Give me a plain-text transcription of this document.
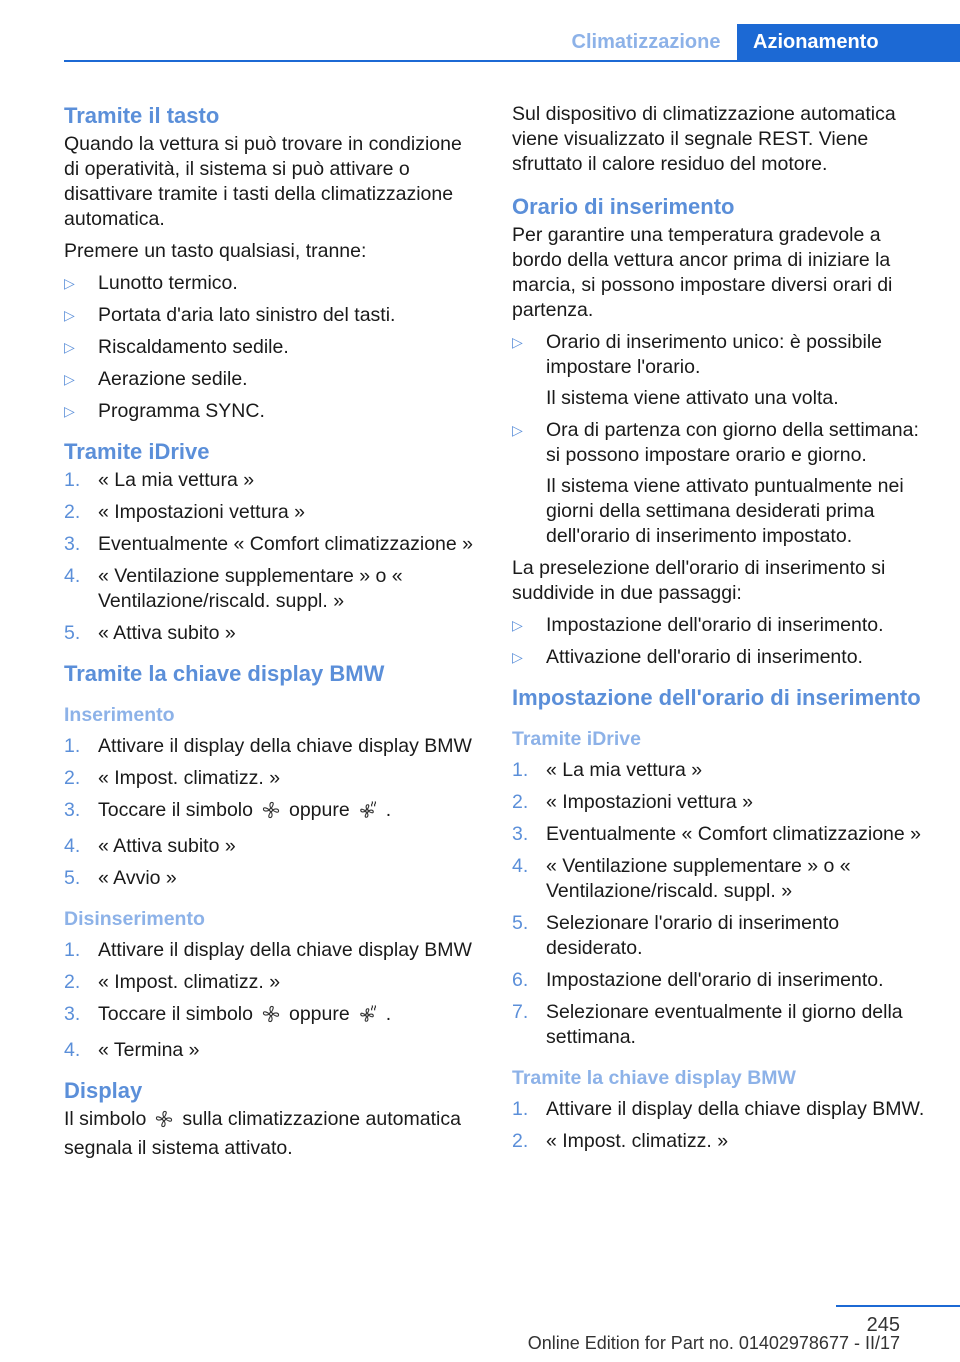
Climatizzazione	Azionamento
Tramite il tasto

Quando la vettura si può trovare in condizione di operatività, il sistema si può attivare o disattivare tramite i tasti della climatizzazione automatica.

Premere un tasto qualsiasi, tranne:

▷ Lunotto termico.
▷ Portata d'aria lato sinistro del tasti.
▷ Riscaldamento sedile.
▷ Aerazione sedile.
▷ Programma SYNC.
Tramite iDrive
1. « La mia vettura »
2. « Impostazioni vettura »
3. Eventualmente « Comfort climatizzazione »
4. « Ventilazione supplementare » o « Ventilazione/riscald. suppl. »
5. « Attiva subito »
Tramite la chiave display BMW
Inserimento
1. Attivare il display della chiave display BMW
2. « Impost. climatizz. »
3. Toccare il simbolo oppure .
4. « Attiva subito »
5. « Avvio »
Disinserimento
1. Attivare il display della chiave display BMW
2. « Impost. climatizz. »
3. Toccare il simbolo oppure .
4. « Termina »
Display

Il simbolo sulla climatizzazione automatica segnala il sistema attivato.

Sul dispositivo di climatizzazione automatica viene visualizzato il segnale REST. Viene sfruttato il calore residuo del motore.

Orario di inserimento

Per garantire una temperatura gradevole a bordo della vettura ancor prima di iniziare la marcia, si possono impostare diversi orari di partenza.

▷ Orario di inserimento unico: è possibile impostare l'orario.
Il sistema viene attivato una volta.
▷ Ora di partenza con giorno della settimana: si possono impostare orario e giorno.
Il sistema viene attivato puntualmente nei giorni della settimana desiderati prima dell'orario di inserimento impostato.

La preselezione dell'orario di inserimento si suddivide in due passaggi:

▷ Impostazione dell'orario di inserimento.
▷ Attivazione dell'orario di inserimento.
Impostazione dell'orario di inserimento
Tramite iDrive
1. « La mia vettura »
2. « Impostazioni vettura »
3. Eventualmente « Comfort climatizzazione »
4. « Ventilazione supplementare » o « Ventilazione/riscald. suppl. »
5. Selezionare l'orario di inserimento desiderato.
6. Impostazione dell'orario di inserimento.
7. Selezionare eventualmente il giorno della settimana.
Tramite la chiave display BMW
1. Attivare il display della chiave display BMW.
2. « Impost. climatizz. »
245
Online Edition for Part no. 01402978677 - II/17
